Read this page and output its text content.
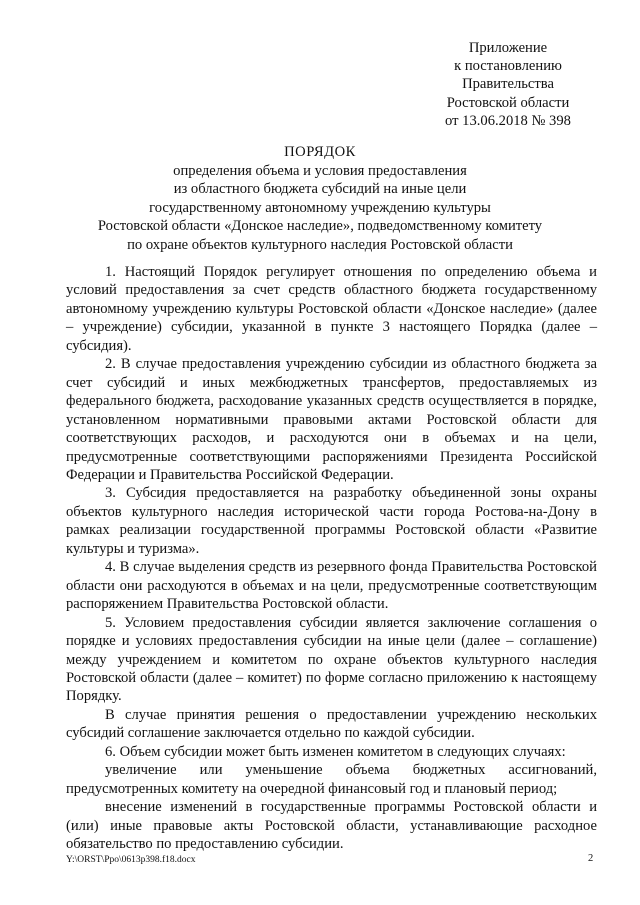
Приложение
к постановлению
Правительства
Ростовской области
от 13.06.2018 № 398
ПОРЯДОК
определения объема и условия предоставления
из областного бюджета субсидий на иные цели
государственному автономному учреждению культуры
Ростовской области «Донское наследие», подведомственному комитету
по охране объектов культурного наследия Ростовской области

1. Настоящий Порядок регулирует отношения по определению объема и условий предоставления за счет средств областного бюджета государственному автономному учреждению культуры Ростовской области «Донское наследие» (далее – учреждение) субсидии, указанной в пункте 3 настоящего Порядка (далее – субсидия).

2. В случае предоставления учреждению субсидии из областного бюджета за счет субсидий и иных межбюджетных трансфертов, предоставляемых из федерального бюджета, расходование указанных средств осуществляется в порядке, установленном нормативными правовыми актами Ростовской области для соответствующих расходов, и расходуются они в объемах и на цели, предусмотренные соответствующими распоряжениями Президента Российской Федерации и Правительства Российской Федерации.

3. Субсидия предоставляется на разработку объединенной зоны охраны объектов культурного наследия исторической части города Ростова-на-Дону в рамках реализации государственной программы Ростовской области «Развитие культуры и туризма».

4. В случае выделения средств из резервного фонда Правительства Ростовской области они расходуются в объемах и на цели, предусмотренные соответствующим распоряжением Правительства Ростовской области.

5. Условием предоставления субсидии является заключение соглашения о порядке и условиях предоставления субсидии на иные цели (далее – соглашение) между учреждением и комитетом по охране объектов культурного наследия Ростовской области (далее – комитет) по форме согласно приложению к настоящему Порядку.

В случае принятия решения о предоставлении учреждению нескольких субсидий соглашение заключается отдельно по каждой субсидии.

6. Объем субсидии может быть изменен комитетом в следующих случаях:

увеличение или уменьшение объема бюджетных ассигнований, предусмотренных комитету на очередной финансовый год и плановый период;

внесение изменений в государственные программы Ростовской области и (или) иные правовые акты Ростовской области, устанавливающие расходное обязательство по предоставлению субсидии.

Y:\ORST\Ppo\0613p398.f18.docx	2
